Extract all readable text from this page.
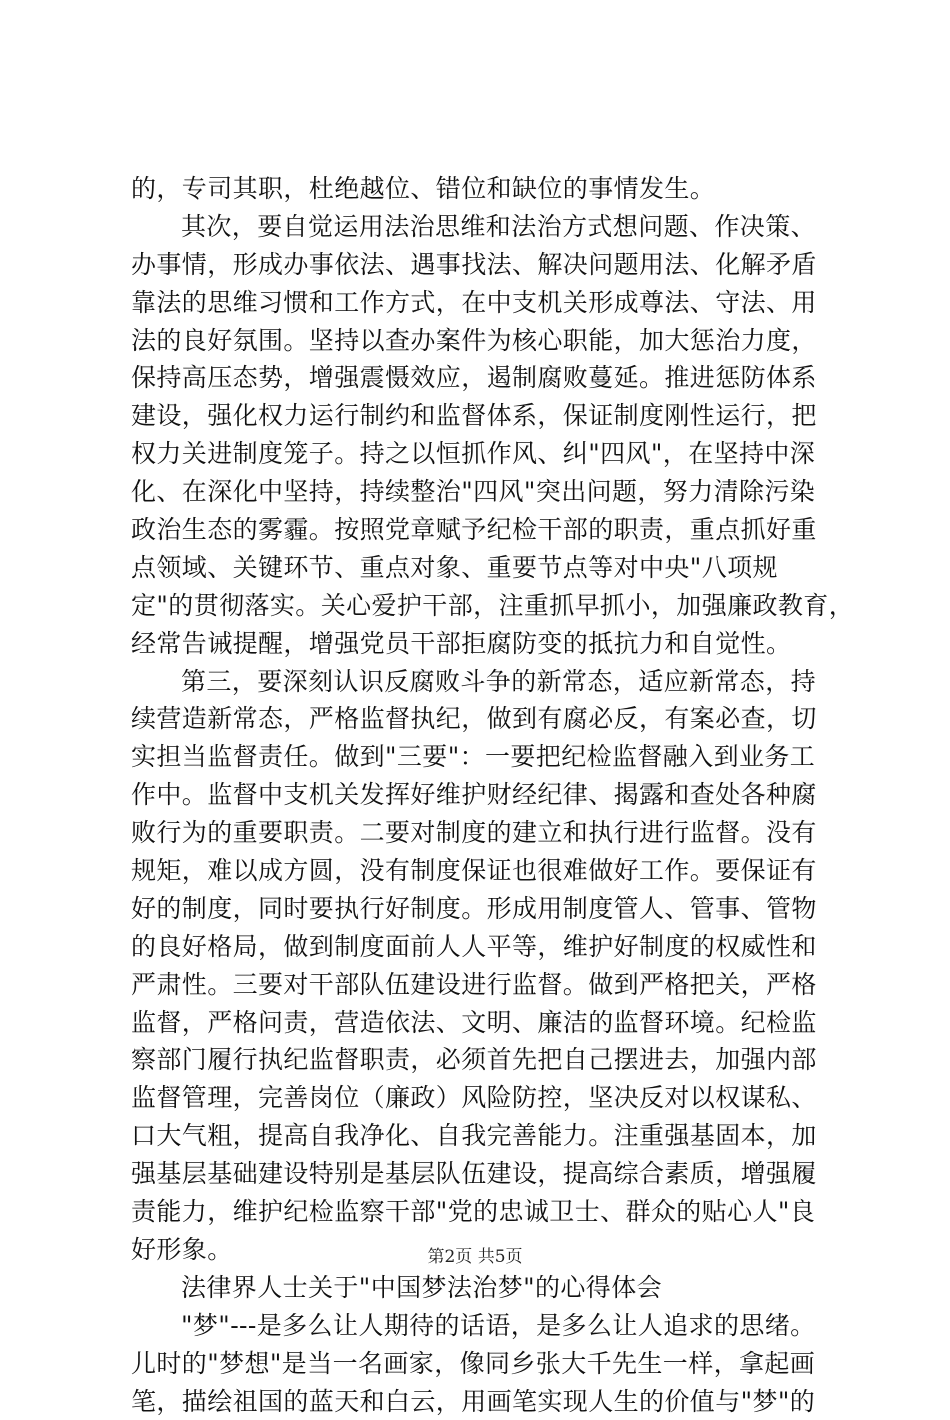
的，专司其职，杜绝越位、错位和缺位的事情发生。
其次，要自觉运用法治思维和法治方式想问题、作决策、
办事情，形成办事依法、遇事找法、解决问题用法、化解矛盾
靠法的思维习惯和工作方式，在中支机关形成尊法、守法、用
法的良好氛围。坚持以查办案件为核心职能，加大惩治力度，
保持高压态势，增强震慑效应，遏制腐败蔓延。推进惩防体系
建设，强化权力运行制约和监督体系，保证制度刚性运行，把
权力关进制度笼子。持之以恒抓作风、纠"四风"，在坚持中深
化、在深化中坚持，持续整治"四风"突出问题，努力清除污染
政治生态的雾霾。按照党章赋予纪检干部的职责，重点抓好重
点领域、关键环节、重点对象、重要节点等对中央"八项规
定"的贯彻落实。关心爱护干部，注重抓早抓小，加强廉政教育，
经常告诫提醒，增强党员干部拒腐防变的抵抗力和自觉性。
第三，要深刻认识反腐败斗争的新常态，适应新常态，持
续营造新常态，严格监督执纪，做到有腐必反，有案必查，切
实担当监督责任。做到"三要"：一要把纪检监督融入到业务工
作中。监督中支机关发挥好维护财经纪律、揭露和查处各种腐
败行为的重要职责。二要对制度的建立和执行进行监督。没有
规矩，难以成方圆，没有制度保证也很难做好工作。要保证有
好的制度，同时要执行好制度。形成用制度管人、管事、管物
的良好格局，做到制度面前人人平等，维护好制度的权威性和
严肃性。三要对干部队伍建设进行监督。做到严格把关，严格
监督，严格问责，营造依法、文明、廉洁的监督环境。纪检监
察部门履行执纪监督职责，必须首先把自己摆进去，加强内部
监督管理，完善岗位（廉政）风险防控，坚决反对以权谋私、
口大气粗，提高自我净化、自我完善能力。注重强基固本，加
强基层基础建设特别是基层队伍建设，提高综合素质，增强履
责能力，维护纪检监察干部"党的忠诚卫士、群众的贴心人"良
好形象。
法律界人士关于"中国梦法治梦"的心得体会
"梦"---是多么让人期待的话语，是多么让人追求的思绪。
儿时的"梦想"是当一名画家，像同乡张大千先生一样，拿起画
笔，描绘祖国的蓝天和白云，用画笔实现人生的价值与"梦"的
第2页 共5页
